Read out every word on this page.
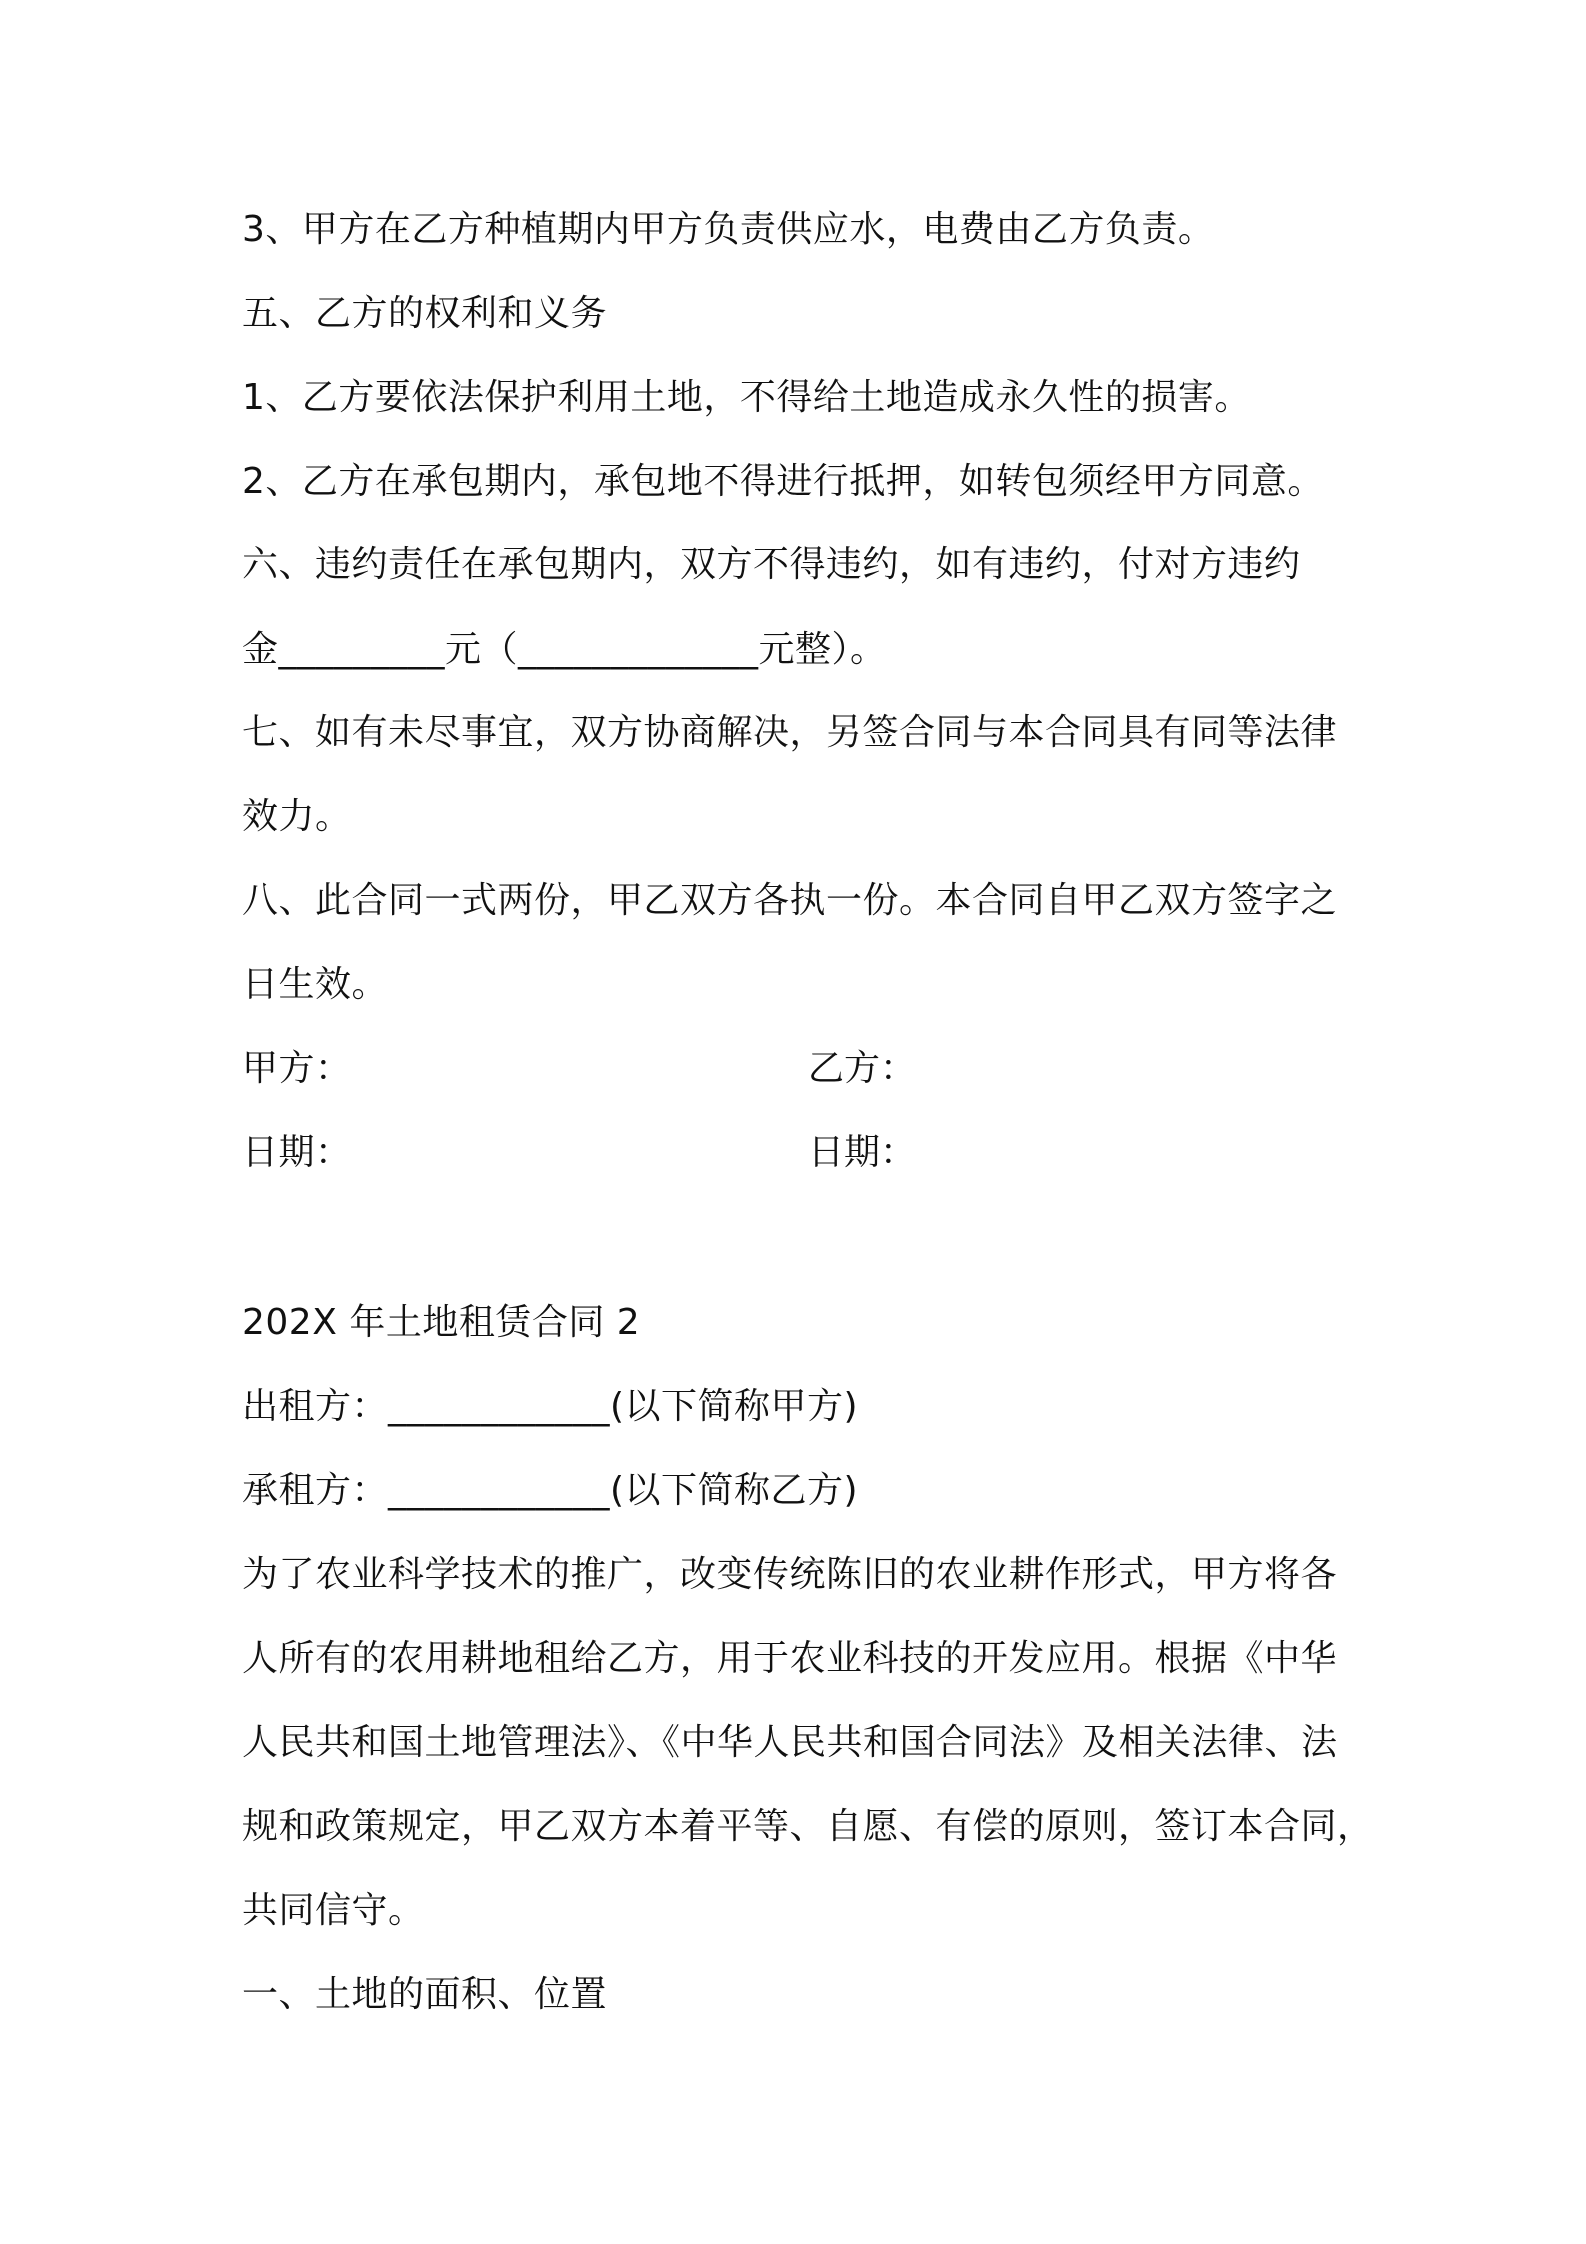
3、甲方在乙方种植期内甲方负责供应水，电费由乙方负责。
五、乙方的权利和义务
1、乙方要依法保护利用土地，不得给土地造成永久性的损害。
2、乙方在承包期内，承包地不得进行抵押，如转包须经甲方同意。
六、违约责任在承包期内，双方不得违约，如有违约，付对方违约
金_________元（_____________元整）。
七、如有未尽事宜，双方协商解决，另签合同与本合同具有同等法律
效力。
八、此合同一式两份，甲乙双方各执一份。本合同自甲乙双方签字之
日生效。
甲方：	乙方：
日期：	日期：
202X 年土地租赁合同 2
出租方：____________(以下简称甲方)
承租方：____________(以下简称乙方)
为了农业科学技术的推广，改变传统陈旧的农业耕作形式，甲方将各
人所有的农用耕地租给乙方，用于农业科技的开发应用。根据《中华
人民共和国土地管理法》、《中华人民共和国合同法》及相关法律、法
规和政策规定，甲乙双方本着平等、自愿、有偿的原则，签订本合同，
共同信守。
一、土地的面积、位置
